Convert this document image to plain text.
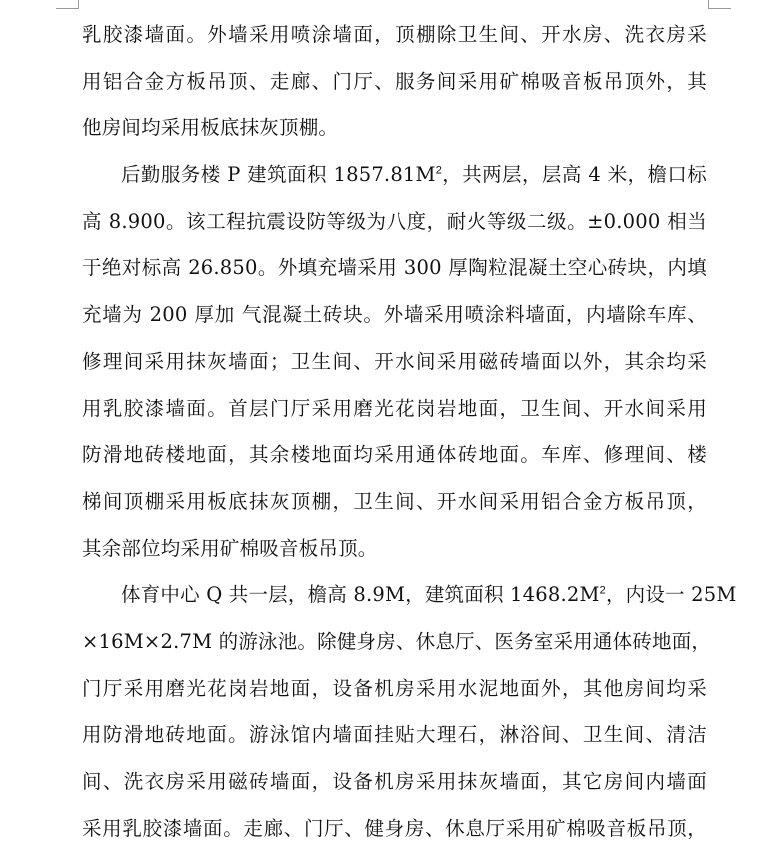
乳胶漆墙面。外墙采用喷涂墙面，顶棚除卫生间、开水房、洗衣房采
用铝合金方板吊顶、走廊、门厅、服务间采用矿棉吸音板吊顶外，其
他房间均采用板底抹灰顶棚。
后勤服务楼 P 建筑面积 $1857.81M^2$，共两层，层高 4 米，檐口标
高 8.900。该工程抗震设防等级为八度，耐火等级二级。±0.000 相当
于绝对标高 26.850。外填充墙采用 300 厚陶粒混凝土空心砖块，内填
充墙为 200 厚加 气混凝土砖块。外墙采用喷涂料墙面，内墙除车库、
修理间采用抹灰墙面；卫生间、开水间采用磁砖墙面以外，其余均采
用乳胶漆墙面。首层门厅采用磨光花岗岩地面，卫生间、开水间采用
防滑地砖楼地面，其余楼地面均采用通体砖地面。车库、修理间、楼
梯间顶棚采用板底抹灰顶棚，卫生间、开水间采用铝合金方板吊顶，
其余部位均采用矿棉吸音板吊顶。
体育中心 Q 共一层，檐高 8.9M，建筑面积 $1468.2M^2$，内设一 25M
×16M×2.7M 的游泳池。除健身房、休息厅、医务室采用通体砖地面，
门厅采用磨光花岗岩地面，设备机房采用水泥地面外，其他房间均采
用防滑地砖地面。游泳馆内墙面挂贴大理石，淋浴间、卫生间、清洁
间、洗衣房采用磁砖墙面，设备机房采用抹灰墙面，其它房间内墙面
采用乳胶漆墙面。走廊、门厅、健身房、休息厅采用矿棉吸音板吊顶，
